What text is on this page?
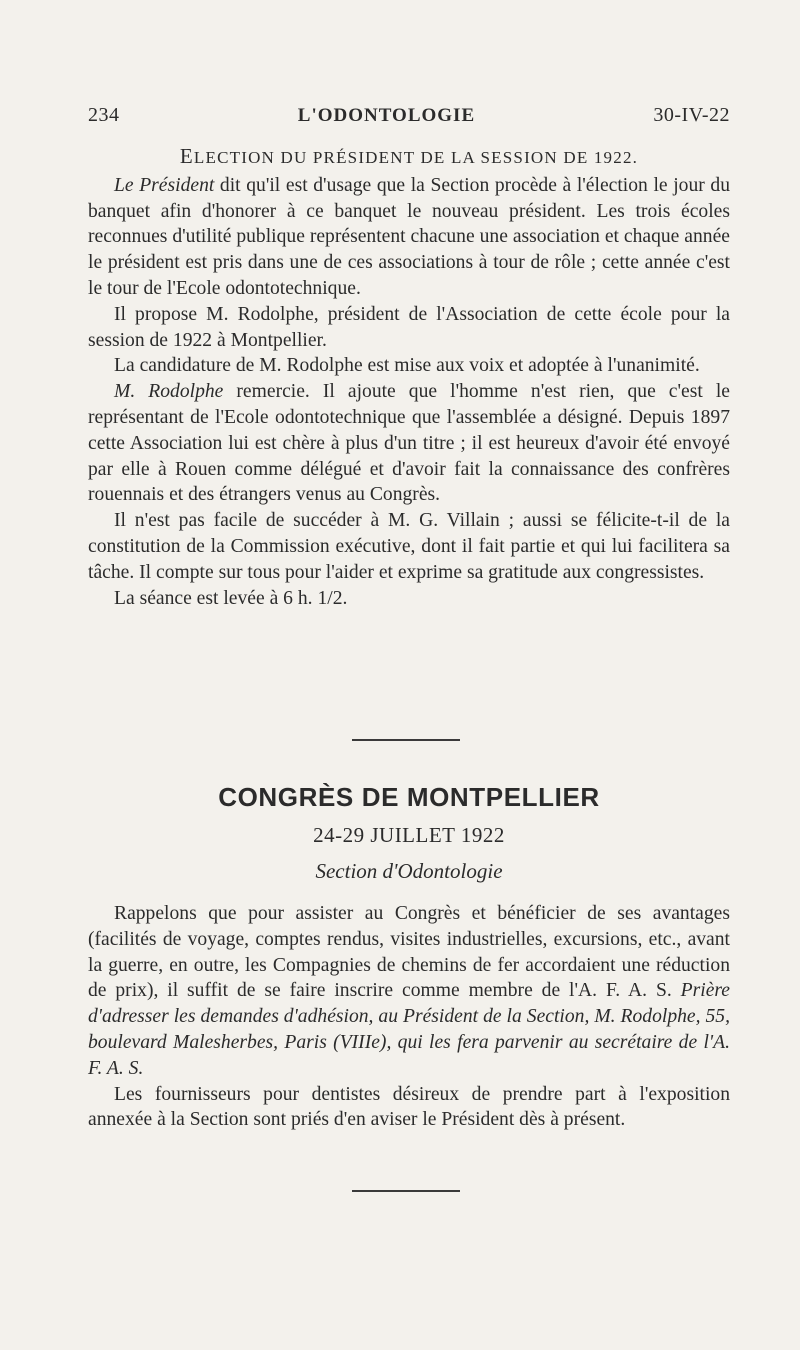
234	L'ODONTOLOGIE	30-IV-22
ELECTION DU PRÉSIDENT DE LA SESSION DE 1922.

Le Président dit qu'il est d'usage que la Section procède à l'élection le jour du banquet afin d'honorer à ce banquet le nouveau président. Les trois écoles reconnues d'utilité publique représentent chacune une association et chaque année le président est pris dans une de ces associations à tour de rôle ; cette année c'est le tour de l'Ecole odontotechnique.

Il propose M. Rodolphe, président de l'Association de cette école pour la session de 1922 à Montpellier.

La candidature de M. Rodolphe est mise aux voix et adoptée à l'unanimité.

M. Rodolphe remercie. Il ajoute que l'homme n'est rien, que c'est le représentant de l'Ecole odontotechnique que l'assemblée a désigné. Depuis 1897 cette Association lui est chère à plus d'un titre ; il est heureux d'avoir été envoyé par elle à Rouen comme délégué et d'avoir fait la connaissance des confrères rouennais et des étrangers venus au Congrès.

Il n'est pas facile de succéder à M. G. Villain ; aussi se félicite-t-il de la constitution de la Commission exécutive, dont il fait partie et qui lui facilitera sa tâche. Il compte sur tous pour l'aider et exprime sa gratitude aux congressistes.

La séance est levée à 6 h. 1/2.

CONGRÈS DE MONTPELLIER
24-29 JUILLET 1922
Section d'Odontologie

Rappelons que pour assister au Congrès et bénéficier de ses avantages (facilités de voyage, comptes rendus, visites industrielles, excursions, etc., avant la guerre, en outre, les Compagnies de chemins de fer accordaient une réduction de prix), il suffit de se faire inscrire comme membre de l'A. F. A. S. Prière d'adresser les demandes d'adhésion, au Président de la Section, M. Rodolphe, 55, boulevard Malesherbes, Paris (VIIIe), qui les fera parvenir au secrétaire de l'A. F. A. S.

Les fournisseurs pour dentistes désireux de prendre part à l'exposition annexée à la Section sont priés d'en aviser le Président dès à présent.
